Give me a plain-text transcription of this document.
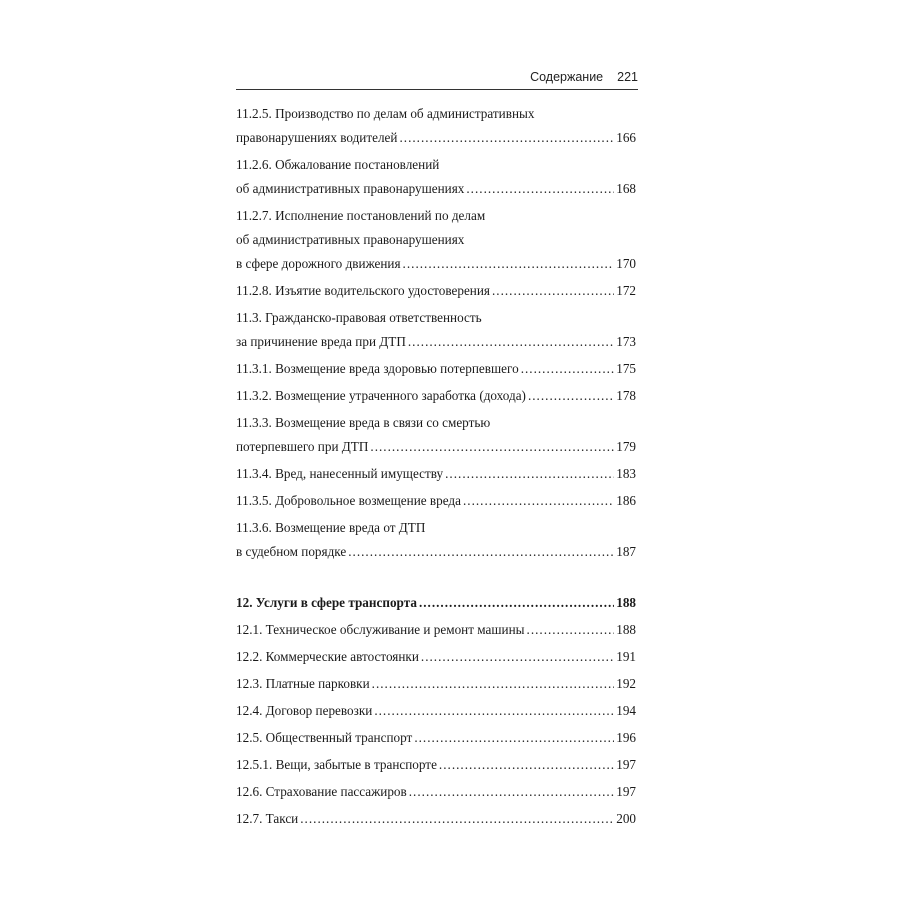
Содержание 221
11.2.5. Производство по делам об административных
правонарушениях водителей .....	166
11.2.6. Обжалование постановлений
об административных правонарушениях .....	168
11.2.7. Исполнение постановлений по делам
об административных правонарушениях
в сфере дорожного движения .....	170
11.2.8. Изъятие водительского удостоверения .....	172
11.3. Гражданско-правовая ответственность
за причинение вреда при ДТП .....	173
11.3.1. Возмещение вреда здоровью потерпевшего .....	175
11.3.2. Возмещение утраченного заработка (дохода) .....	178
11.3.3. Возмещение вреда в связи со смертью
потерпевшего при ДТП .....	179
11.3.4. Вред, нанесенный имуществу .....	183
11.3.5. Добровольное возмещение вреда .....	186
11.3.6. Возмещение вреда от ДТП
в судебном порядке .....	187
12. Услуги в сфере транспорта .....	188
12.1. Техническое обслуживание и ремонт машины .....	188
12.2. Коммерческие автостоянки .....	191
12.3. Платные парковки .....	192
12.4. Договор перевозки .....	194
12.5. Общественный транспорт .....	196
12.5.1. Вещи, забытые в транспорте .....	197
12.6. Страхование пассажиров .....	197
12.7. Такси .....	200
